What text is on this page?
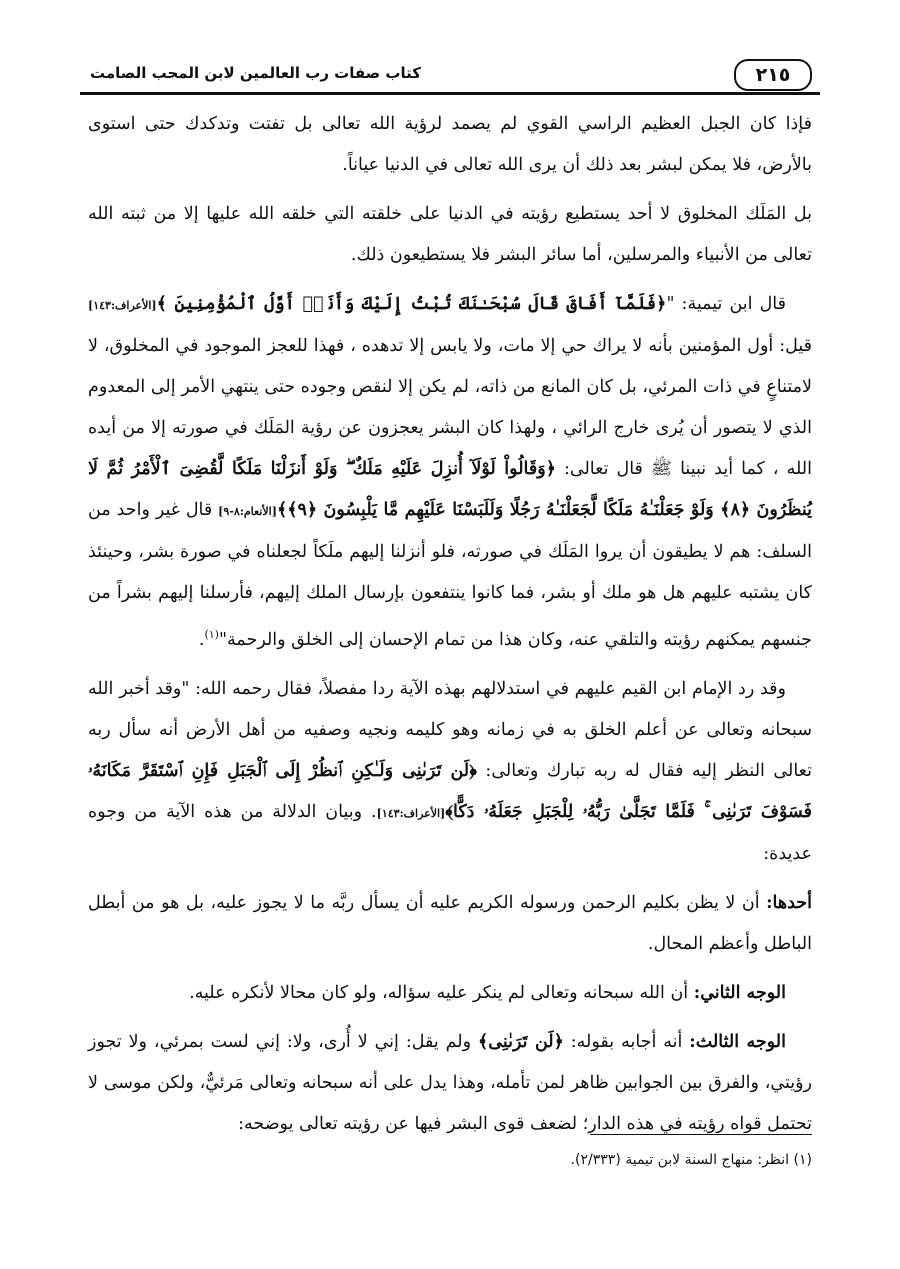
٢١٥
كتاب صفات رب العالمين لابن المحب الصامت

فإذا كان الجبل العظيم الراسي القوي لم يصمد لرؤية الله تعالى بل تفتت وتدكدك حتى استوى بالأرض، فلا يمكن لبشر بعد ذلك أن يرى الله تعالى في الدنيا عياناً.

بل المَلَك المخلوق لا أحد يستطيع رؤيته في الدنيا على خلقته التي خلقه الله عليها إلا من ثبته الله تعالى من الأنبياء والمرسلين، أما سائر البشر فلا يستطيعون ذلك.

قال ابن تيمية: "﴿فَلَمَّآ أَفَاقَ قَالَ سُبْحَـٰنَكَ تُبْتُ إِلَيْكَ وَأَنَا۠ أَوَّلُ ٱلْمُؤْمِنِينَ ﴾[الأعراف:١٤٣] قيل: أول المؤمنين بأنه لا يراك حي إلا مات، ولا يابس إلا تدهده ، فهذا للعجز الموجود في المخلوق، لا لامتناعٍ في ذات المرئي، بل كان المانع من ذاته، لم يكن إلا لنقص وجوده حتى ينتهي الأمر إلى المعدوم الذي لا يتصور أن يُرى خارج الرائي ، ولهذا كان البشر يعجزون عن رؤية المَلَك في صورته إلا من أيده الله ، كما أيد نبينا ﷺ قال تعالى: ﴿وَقَالُواْ لَوْلَآ أُنزِلَ عَلَيْهِ مَلَكٌ ۖ وَلَوْ أَنزَلْنَا مَلَكًا لَّقُضِىَ ٱلْأَمْرُ ثُمَّ لَا يُنظَرُونَ ﴿٨﴾ وَلَوْ جَعَلْنَـٰهُ مَلَكًا لَّجَعَلْنَـٰهُ رَجُلًا وَلَلَبَسْنَا عَلَيْهِم مَّا يَلْبِسُونَ ﴿٩﴾﴾[الأنعام:٨-٩] قال غير واحد من السلف: هم لا يطيقون أن يروا المَلَك في صورته، فلو أنزلنا إليهم ملَكاً لجعلناه في صورة بشر، وحينئذ كان يشتبه عليهم هل هو ملك أو بشر، فما كانوا ينتفعون بإرسال الملك إليهم، فأرسلنا إليهم بشراً من جنسهم يمكنهم رؤيته والتلقي عنه، وكان هذا من تمام الإحسان إلى الخلق والرحمة"$^{(١)}$.

وقد رد الإمام ابن القيم عليهم في استدلالهم بهذه الآية ردا مفصلاً، فقال رحمه الله: "وقد أخبر الله سبحانه وتعالى عن أعلم الخلق به في زمانه وهو كليمه ونجيه وصفيه من أهل الأرض أنه سأل ربه تعالى النظر إليه فقال له ربه تبارك وتعالى: ﴿لَن تَرَىٰنِى وَلَـٰكِنِ ٱنظُرْ إِلَى ٱلْجَبَلِ فَإِنِ ٱسْتَقَرَّ مَكَانَهُۥ فَسَوْفَ تَرَىٰنِى ۚ فَلَمَّا تَجَلَّىٰ رَبُّهُۥ لِلْجَبَلِ جَعَلَهُۥ دَكًّا﴾[الأعراف:١٤٣]. وبيان الدلالة من هذه الآية من وجوه عديدة:

أحدها: أن لا يظن بكليم الرحمن ورسوله الكريم عليه أن يسأل ربَّه ما لا يجوز عليه، بل هو من أبطل الباطل وأعظم المحال.

الوجه الثاني: أن الله سبحانه وتعالى لم ينكر عليه سؤاله، ولو كان محالا لأنكره عليه.

الوجه الثالث: أنه أجابه بقوله: ﴿لَن تَرَىٰنِى﴾ ولم يقل: إني لا أُرى، ولا: إني لست بمرئي، ولا تجوز رؤيتي، والفرق بين الجوابين ظاهر لمن تأمله، وهذا يدل على أنه سبحانه وتعالى مَرئيٌّ، ولكن موسى لا تحتمل قواه رؤيته في هذه الدار؛ لضعف قوى البشر فيها عن رؤيته تعالى يوضحه:

(١) انظر: منهاج السنة لابن تيمية (٢/٣٣٣).
